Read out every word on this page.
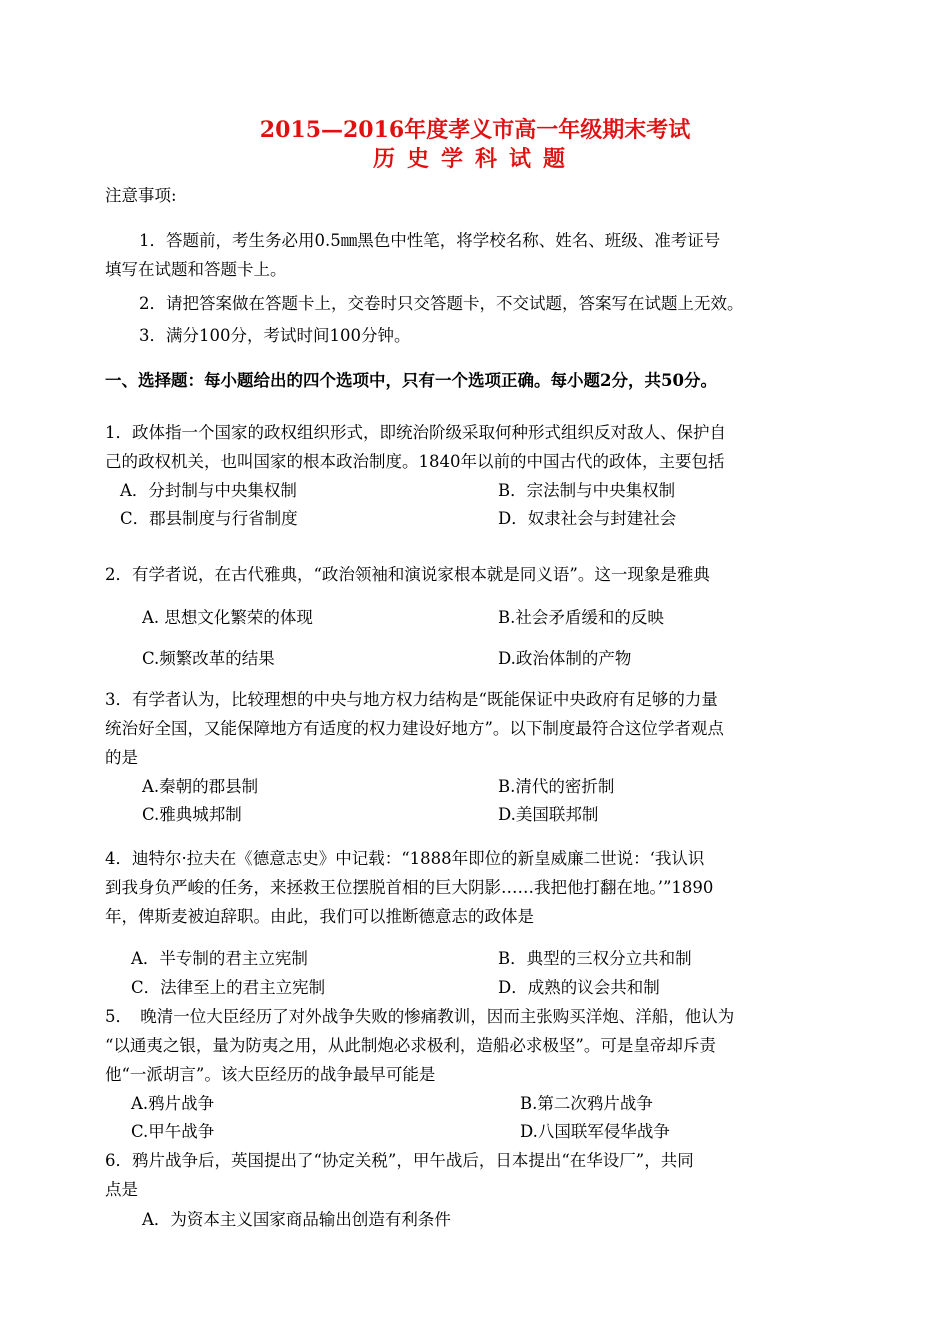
2015—2016年度孝义市高一年级期末考试
历史学科试题
注意事项:
1．答题前，考生务必用0.5㎜黑色中性笔，将学校名称、姓名、班级、准考证号
填写在试题和答题卡上。
2．请把答案做在答题卡上，交卷时只交答题卡，不交试题，答案写在试题上无效。
3．满分100分，考试时间100分钟。
一、选择题：每小题给出的四个选项中，只有一个选项正确。每小题2分，共50分。
1．政体指一个国家的政权组织形式，即统治阶级采取何种形式组织反对敌人、保护自
己的政权机关，也叫国家的根本政治制度。1840年以前的中国古代的政体，主要包括
A．分封制与中央集权制	B．宗法制与中央集权制
C．郡县制度与行省制度	D．奴隶社会与封建社会
2．有学者说，在古代雅典，“政治领袖和演说家根本就是同义语”。这一现象是雅典
A. 思想文化繁荣的体现	B.社会矛盾缓和的反映
C.频繁改革的结果	D.政治体制的产物
3．有学者认为，比较理想的中央与地方权力结构是“既能保证中央政府有足够的力量
统治好全国，又能保障地方有适度的权力建设好地方”。以下制度最符合这位学者观点
的是
A.秦朝的郡县制	B.清代的密折制
C.雅典城邦制	D.美国联邦制
4．迪特尔·拉夫在《德意志史》中记载：“1888年即位的新皇威廉二世说：‘我认识
到我身负严峻的任务，来拯救王位摆脱首相的巨大阴影……我把他打翻在地。’”1890
年，俾斯麦被迫辞职。由此，我们可以推断德意志的政体是
A．半专制的君主立宪制	B．典型的三权分立共和制
C．法律至上的君主立宪制	D．成熟的议会共和制
5．　晚清一位大臣经历了对外战争失败的惨痛教训，因而主张购买洋炮、洋船，他认为
“以通夷之银，量为防夷之用，从此制炮必求极利，造船必求极坚”。可是皇帝却斥责
他“一派胡言”。该大臣经历的战争最早可能是
A.鸦片战争	B.第二次鸦片战争
C.甲午战争	D.八国联军侵华战争
6．鸦片战争后，英国提出了“协定关税”，甲午战后，日本提出“在华设厂”，共同
点是
A．为资本主义国家商品输出创造有利条件
